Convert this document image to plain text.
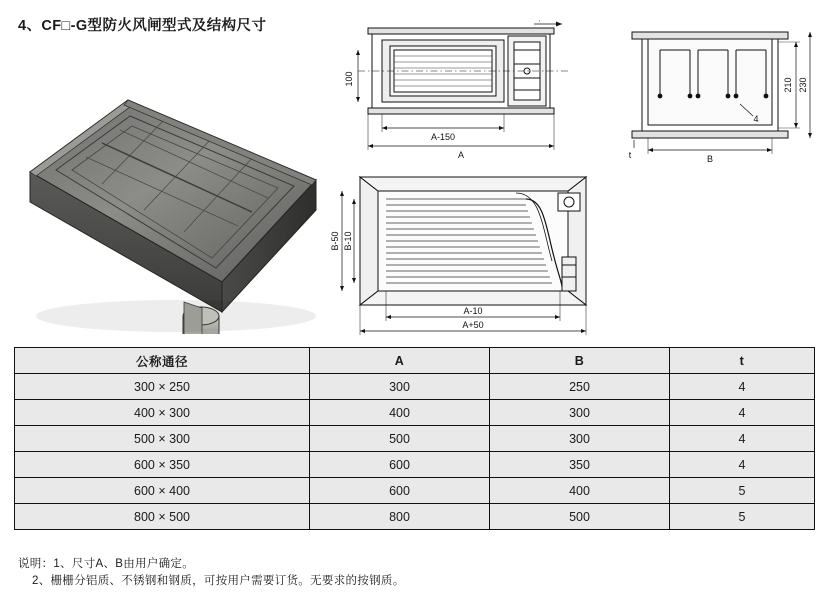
4、CF□-G型防火风闸型式及结构尺寸	+
100
A-150
A
210 230
4
t	B
B-50 B-10
A-10
A+50
公称通径	A	B	t
300 × 250	300	250	4
400 × 300	400	300	4
500 × 300	500	300	4
600 × 350	600	350	4
600 × 400	600	400	5
800 × 500	800	500	5
说明：1、尺寸A、B由用户确定。
2、栅栅分铝质、不锈钢和钢质，可按用户需要订货。无要求的按钢质。
